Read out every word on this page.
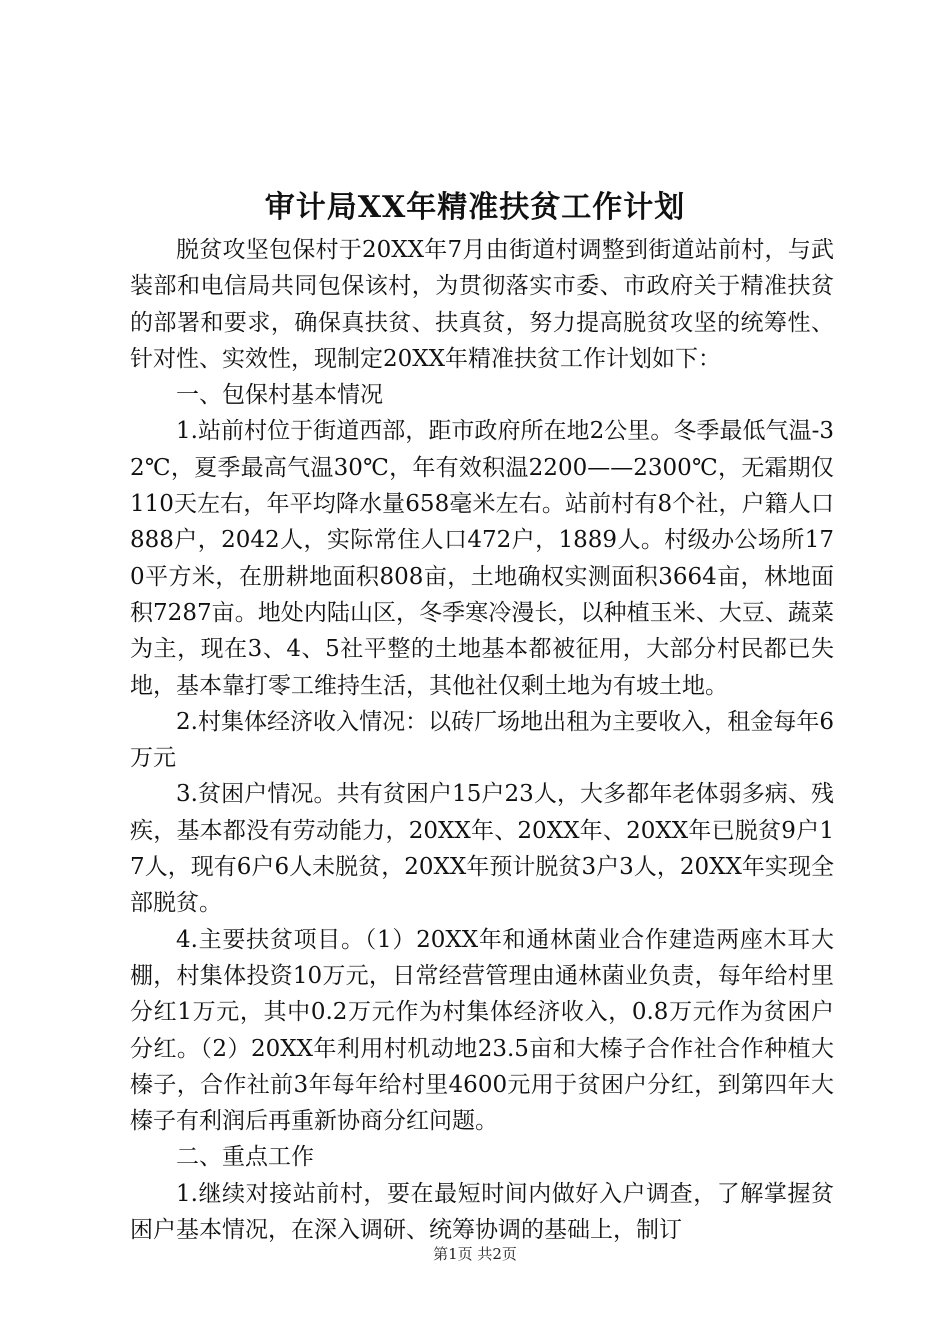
审计局XX年精准扶贫工作计划

脱贫攻坚包保村于20XX年7月由街道村调整到街道站前村，与武装部和电信局共同包保该村，为贯彻落实市委、市政府关于精准扶贫的部署和要求，确保真扶贫、扶真贫，努力提高脱贫攻坚的统筹性、针对性、实效性，现制定20XX年精准扶贫工作计划如下：

一、包保村基本情况

1.站前村位于街道西部，距市政府所在地2公里。冬季最低气温-32℃，夏季最高气温30℃，年有效积温2200——2300℃，无霜期仅110天左右，年平均降水量658毫米左右。站前村有8个社，户籍人口888户，2042人，实际常住人口472户，1889人。村级办公场所170平方米，在册耕地面积808亩，土地确权实测面积3664亩，林地面积7287亩。地处内陆山区，冬季寒冷漫长，以种植玉米、大豆、蔬菜为主，现在3、4、5社平整的土地基本都被征用，大部分村民都已失地，基本靠打零工维持生活，其他社仅剩土地为有坡土地。

2.村集体经济收入情况：以砖厂场地出租为主要收入，租金每年6万元

3.贫困户情况。共有贫困户15户23人，大多都年老体弱多病、残疾，基本都没有劳动能力，20XX年、20XX年、20XX年已脱贫9户17人，现有6户6人未脱贫，20XX年预计脱贫3户3人，20XX年实现全部脱贫。

4.主要扶贫项目。（1）20XX年和通林菌业合作建造两座木耳大棚，村集体投资10万元，日常经营管理由通林菌业负责，每年给村里分红1万元，其中0.2万元作为村集体经济收入，0.8万元作为贫困户分红。（2）20XX年利用村机动地23.5亩和大榛子合作社合作种植大榛子，合作社前3年每年给村里4600元用于贫困户分红，到第四年大榛子有利润后再重新协商分红问题。

二、重点工作

1.继续对接站前村，要在最短时间内做好入户调查，了解掌握贫困户基本情况，在深入调研、统筹协调的基础上，制订

第1页 共2页
